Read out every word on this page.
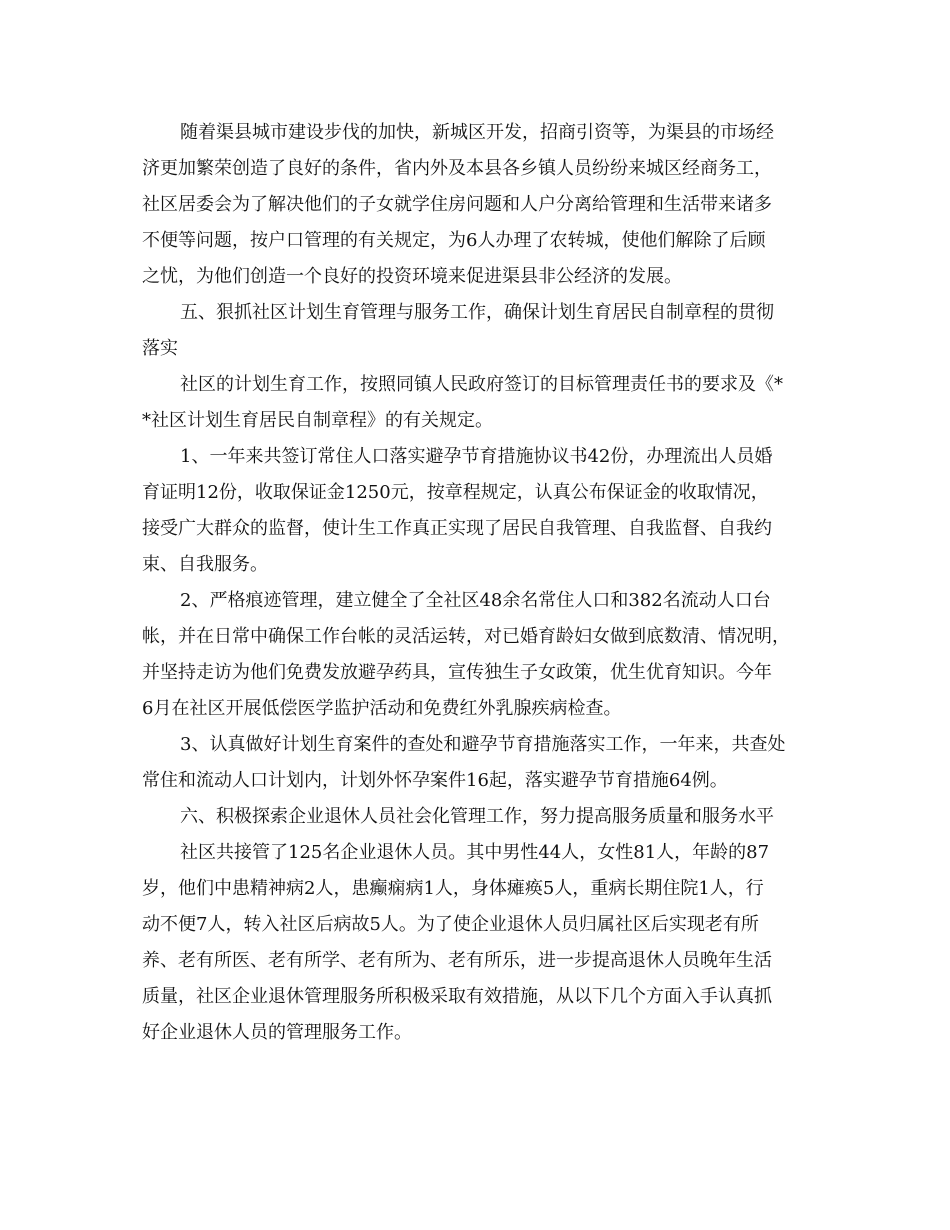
随着渠县城市建设步伐的加快，新城区开发，招商引资等，为渠县的市场经
济更加繁荣创造了良好的条件，省内外及本县各乡镇人员纷纷来城区经商务工，
社区居委会为了解决他们的子女就学住房问题和人户分离给管理和生活带来诸多
不便等问题，按户口管理的有关规定，为6人办理了农转城，使他们解除了后顾
之忧，为他们创造一个良好的投资环境来促进渠县非公经济的发展。
五、狠抓社区计划生育管理与服务工作，确保计划生育居民自制章程的贯彻
落实
社区的计划生育工作，按照同镇人民政府签订的目标管理责任书的要求及《*
*社区计划生育居民自制章程》的有关规定。
1、一年来共签订常住人口落实避孕节育措施协议书42份，办理流出人员婚
育证明12份，收取保证金1250元，按章程规定，认真公布保证金的收取情况，
接受广大群众的监督，使计生工作真正实现了居民自我管理、自我监督、自我约
束、自我服务。
2、严格痕迹管理，建立健全了全社区48余名常住人口和382名流动人口台
帐，并在日常中确保工作台帐的灵活运转，对已婚育龄妇女做到底数清、情况明，
并坚持走访为他们免费发放避孕药具，宣传独生子女政策，优生优育知识。今年
6月在社区开展低偿医学监护活动和免费红外乳腺疾病检查。
3、认真做好计划生育案件的查处和避孕节育措施落实工作，一年来，共查处
常住和流动人口计划内，计划外怀孕案件16起，落实避孕节育措施64例。
六、积极探索企业退休人员社会化管理工作，努力提高服务质量和服务水平
社区共接管了125名企业退休人员。其中男性44人，女性81人，年龄的87
岁，他们中患精神病2人，患癫痫病1人，身体瘫痪5人，重病长期住院1人，行
动不便7人，转入社区后病故5人。为了使企业退休人员归属社区后实现老有所
养、老有所医、老有所学、老有所为、老有所乐，进一步提高退休人员晚年生活
质量，社区企业退休管理服务所积极采取有效措施，从以下几个方面入手认真抓
好企业退休人员的管理服务工作。
